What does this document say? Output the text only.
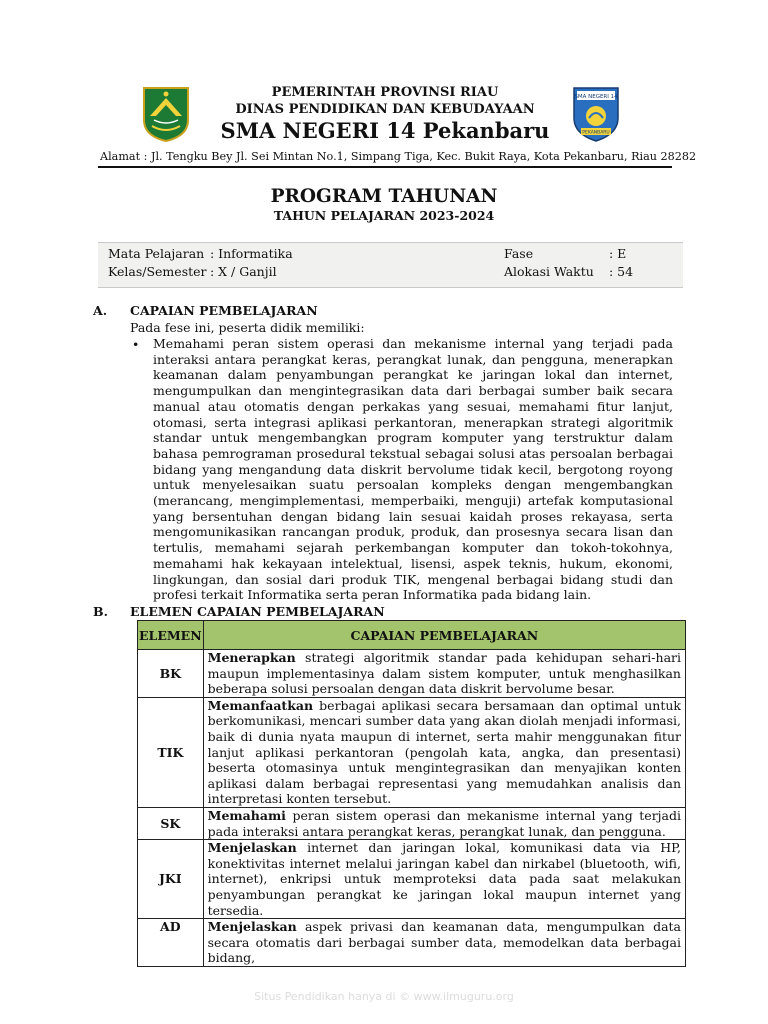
PEMERINTAH PROVINSI RIAU
DINAS PENDIDIKAN DAN KEBUDAYAAN
SMA NEGERI 14 Pekanbaru
SMA NEGERI 14
PEKANBARU
Alamat : Jl. Tengku Bey Jl. Sei Mintan No.1, Simpang Tiga, Kec. Bukit Raya, Kota Pekanbaru, Riau 28282
PROGRAM TAHUNAN
TAHUN PELAJARAN 2023-2024
Mata Pelajaran : Informatika	Fase	: E
Kelas/Semester : X / Ganjil	Alokasi Waktu : 54
A. CAPAIAN PEMBELAJARAN
Pada fese ini, peserta didik memiliki:
• Memahami peran sistem operasi dan mekanisme internal yang terjadi pada interaksi antara perangkat keras, perangkat lunak, dan pengguna, menerapkan keamanan dalam penyambungan perangkat ke jaringan lokal dan internet, mengumpulkan dan mengintegrasikan data dari berbagai sumber baik secara manual atau otomatis dengan perkakas yang sesuai, memahami fitur lanjut, otomasi, serta integrasi aplikasi perkantoran, menerapkan strategi algoritmik standar untuk mengembangkan program komputer yang terstruktur dalam bahasa pemrograman prosedural tekstual sebagai solusi atas persoalan berbagai bidang yang mengandung data diskrit bervolume tidak kecil, bergotong royong untuk menyelesaikan suatu persoalan kompleks dengan mengembangkan (merancang, mengimplementasi, memperbaiki, menguji) artefak komputasional yang bersentuhan dengan bidang lain sesuai kaidah proses rekayasa, serta mengomunikasikan rancangan produk, produk, dan prosesnya secara lisan dan tertulis, memahami sejarah perkembangan komputer dan tokoh-tokohnya, memahami hak kekayaan intelektual, lisensi, aspek teknis, hukum, ekonomi, lingkungan, dan sosial dari produk TIK, mengenal berbagai bidang studi dan profesi terkait Informatika serta peran Informatika pada bidang lain.
B. ELEMEN CAPAIAN PEMBELAJARAN
ELEMEN	CAPAIAN PEMBELAJARAN
BK	Menerapkan strategi algoritmik standar pada kehidupan sehari-hari maupun implementasinya dalam sistem komputer, untuk menghasilkan beberapa solusi persoalan dengan data diskrit bervolume besar.
TIK	Memanfaatkan berbagai aplikasi secara bersamaan dan optimal untuk berkomunikasi, mencari sumber data yang akan diolah menjadi informasi, baik di dunia nyata maupun di internet, serta mahir menggunakan fitur lanjut aplikasi perkantoran (pengolah kata, angka, dan presentasi) beserta otomasinya untuk mengintegrasikan dan menyajikan konten aplikasi dalam berbagai representasi yang memudahkan analisis dan interpretasi konten tersebut.
SK	Memahami peran sistem operasi dan mekanisme internal yang terjadi pada interaksi antara perangkat keras, perangkat lunak, dan pengguna.
JKI	Menjelaskan internet dan jaringan lokal, komunikasi data via HP, konektivitas internet melalui jaringan kabel dan nirkabel (bluetooth, wifi, internet), enkripsi untuk memproteksi data pada saat melakukan penyambungan perangkat ke jaringan lokal maupun internet yang tersedia.
AD	Menjelaskan aspek privasi dan keamanan data, mengumpulkan data secara otomatis dari berbagai sumber data, memodelkan data berbagai bidang,
Situs Pendidikan hanya di © www.ilmuguru.org
